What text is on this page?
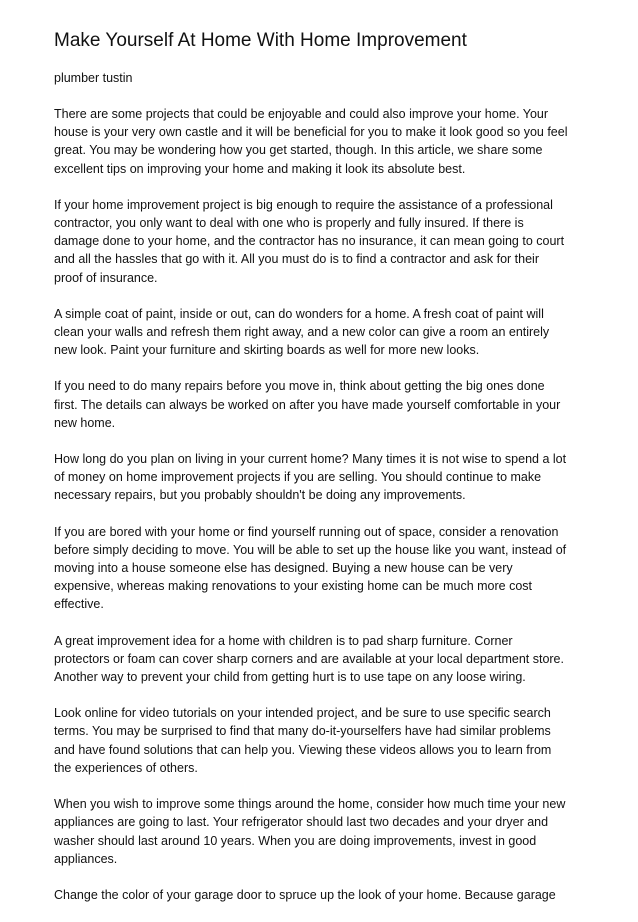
Make Yourself At Home With Home Improvement

plumber tustin

There are some projects that could be enjoyable and could also improve your home. Your
house is your very own castle and it will be beneficial for you to make it look good so you feel
great. You may be wondering how you get started, though. In this article, we share some
excellent tips on improving your home and making it look its absolute best.

If your home improvement project is big enough to require the assistance of a professional
contractor, you only want to deal with one who is properly and fully insured. If there is
damage done to your home, and the contractor has no insurance, it can mean going to court
and all the hassles that go with it. All you must do is to find a contractor and ask for their
proof of insurance.

A simple coat of paint, inside or out, can do wonders for a home. A fresh coat of paint will
clean your walls and refresh them right away, and a new color can give a room an entirely
new look. Paint your furniture and skirting boards as well for more new looks.

If you need to do many repairs before you move in, think about getting the big ones done
first. The details can always be worked on after you have made yourself comfortable in your
new home.

How long do you plan on living in your current home? Many times it is not wise to spend a lot
of money on home improvement projects if you are selling. You should continue to make
necessary repairs, but you probably shouldn't be doing any improvements.

If you are bored with your home or find yourself running out of space, consider a renovation
before simply deciding to move. You will be able to set up the house like you want, instead of
moving into a house someone else has designed. Buying a new house can be very
expensive, whereas making renovations to your existing home can be much more cost
effective.

A great improvement idea for a home with children is to pad sharp furniture. Corner
protectors or foam can cover sharp corners and are available at your local department store.
Another way to prevent your child from getting hurt is to use tape on any loose wiring.

Look online for video tutorials on your intended project, and be sure to use specific search
terms. You may be surprised to find that many do-it-yourselfers have had similar problems
and have found solutions that can help you. Viewing these videos allows you to learn from
the experiences of others.

When you wish to improve some things around the home, consider how much time your new
appliances are going to last. Your refrigerator should last two decades and your dryer and
washer should last around 10 years. When you are doing improvements, invest in good
appliances.

Change the color of your garage door to spruce up the look of your home. Because garage
